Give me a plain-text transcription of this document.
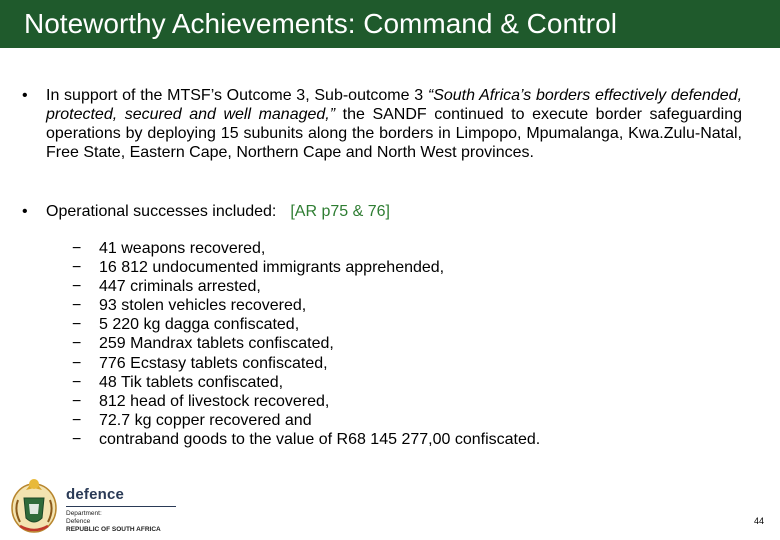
Noteworthy Achievements: Command & Control
• In support of the MTSF’s Outcome 3, Sub-outcome 3 “South Africa’s borders effectively defended, protected, secured and well managed,” the SANDF continued to execute border safeguarding operations by deploying 15 subunits along the borders in Limpopo, Mpumalanga, Kwa.Zulu-Natal, Free State, Eastern Cape, Northern Cape and North West provinces.
• Operational successes included: [AR p75 & 76]
− 41 weapons recovered,
− 16 812 undocumented immigrants apprehended,
− 447 criminals arrested,
− 93 stolen vehicles recovered,
− 5 220 kg dagga confiscated,
− 259 Mandrax tablets confiscated,
− 776 Ecstasy tablets confiscated,
− 48 Tik tablets confiscated,
− 812 head of livestock recovered,
− 72.7 kg copper recovered and
− contraband goods to the value of R68 145 277,00 confiscated.
defence
Department:
Defence
REPUBLIC OF SOUTH AFRICA
44
